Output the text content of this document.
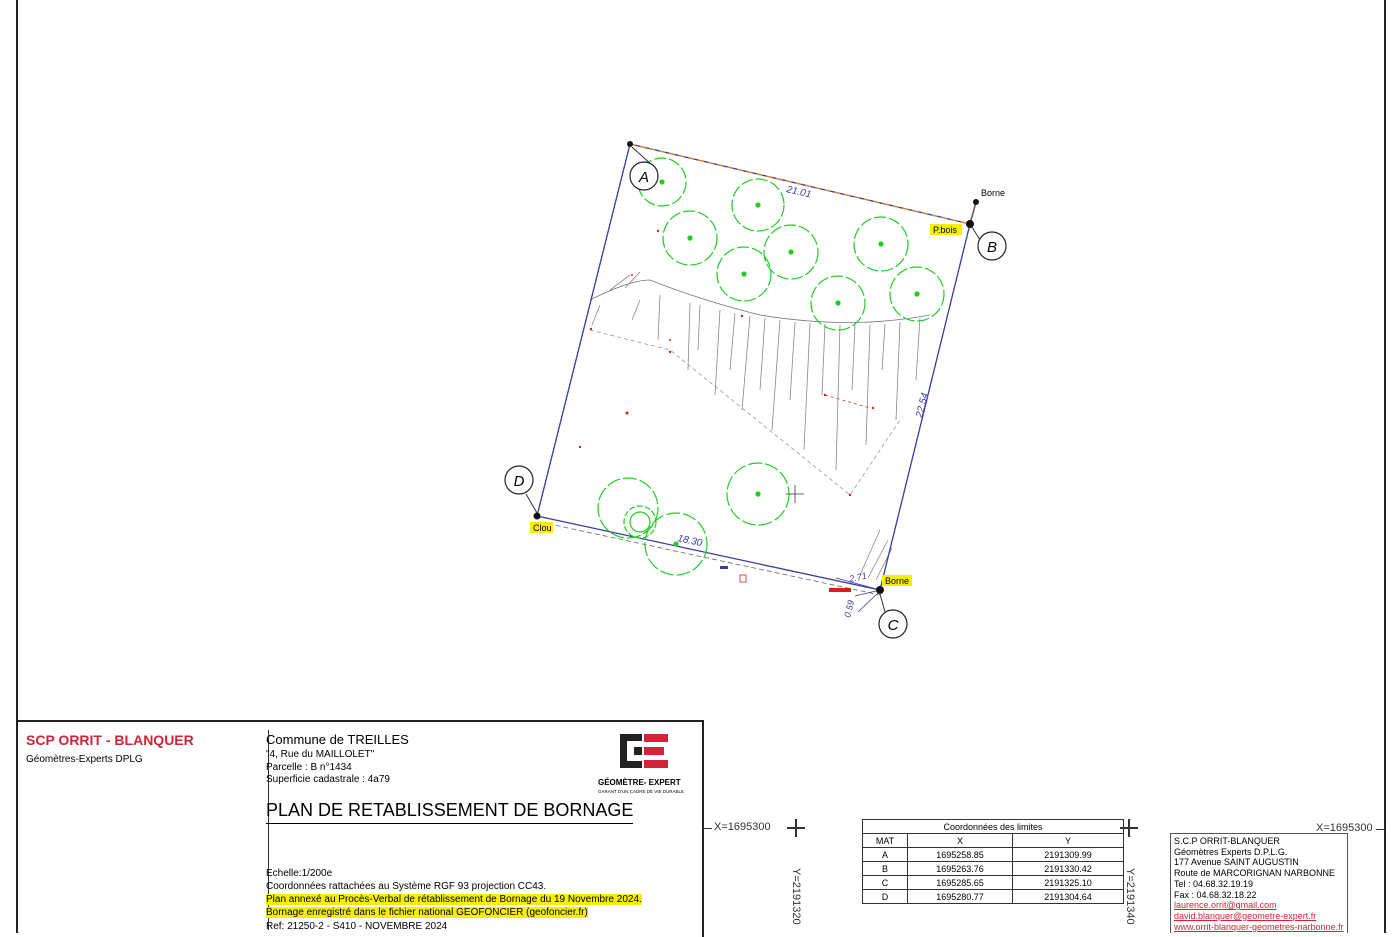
A
B
C
D
P.bois
Borne
Borne
Clou
21.01
22.54
18.30
2.71
0.59
SCP ORRIT - BLANQUER
Géomètres-Experts DPLG
Commune de TREILLES
"4, Rue du MAILLOLET"
Parcelle : B n°1434
Superficie cadastrale : 4a79	GÉOMÈTRE- EXPERT
GARANT D'UN CADRE DE VIE DURABLE
PLAN DE RETABLISSEMENT DE BORNAGE
Echelle:1/200e
Coordonnées rattachées au Système RGF 93 projection CC43.
Plan annexé au Procès-Verbal de rétablissement de Bornage du 19 Novembre 2024.
Bornage enregistré dans le fichier national GEOFONCIER (geofoncier.fr)
Ref: 21250-2 - S410 - NOVEMBRE 2024
X=1695300
Y=2191320	Y=2191340
X=1695300
Coordonnées des limites		
MAT	X	Y
A	1695258.85	2191309.99
B	1695263.76	2191330.42
C	1695285.65	2191325.10
D	1695280.77	2191304.64
S.C.P ORRIT-BLANQUER
Géomètres Experts D.P.L.G.
177 Avenue SAINT AUGUSTIN
Route de MARCORIGNAN NARBONNE
Tel : 04.68.32.19.19
Fax : 04.68.32.18.22
laurence.orrit@gmail.com
david.blanquer@geometre-expert.fr
www.orrit-blanquer-geometres-narbonne.fr
